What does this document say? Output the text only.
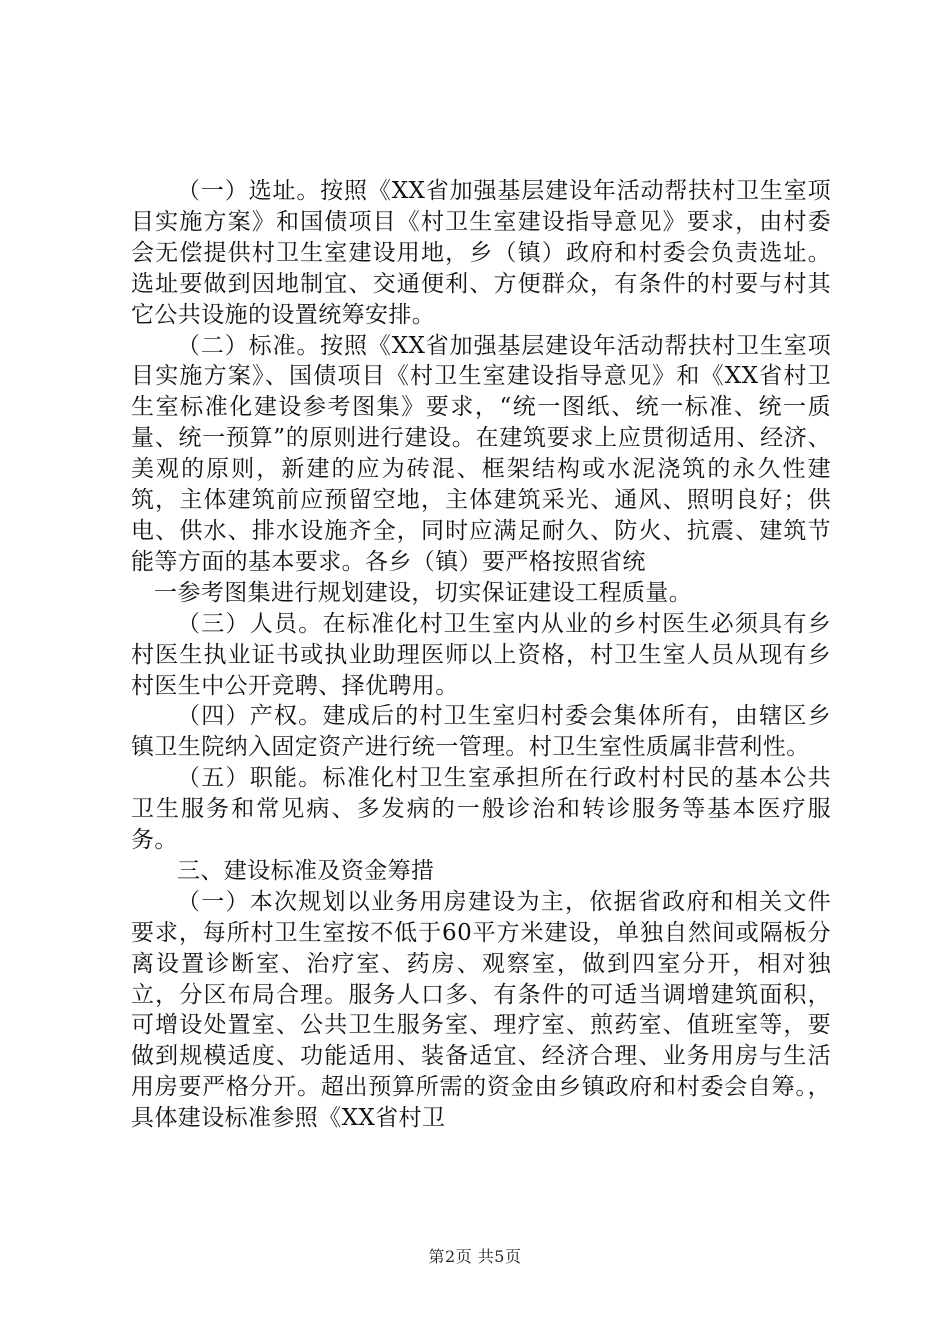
（一）选址。按照《XX省加强基层建设年活动帮扶村卫生室项目实施方案》和国债项目《村卫生室建设指导意见》要求，由村委会无偿提供村卫生室建设用地，乡（镇）政府和村委会负责选址。选址要做到因地制宜、交通便利、方便群众，有条件的村要与村其它公共设施的设置统筹安排。

（二）标准。按照《XX省加强基层建设年活动帮扶村卫生室项目实施方案》、国债项目《村卫生室建设指导意见》和《XX省村卫生室标准化建设参考图集》要求，“统一图纸、统一标准、统一质量、统一预算”的原则进行建设。在建筑要求上应贯彻适用、经济、美观的原则，新建的应为砖混、框架结构或水泥浇筑的永久性建筑，主体建筑前应预留空地，主体建筑采光、通风、照明良好；供电、供水、排水设施齐全，同时应满足耐久、防火、抗震、建筑节能等方面的基本要求。各乡（镇）要严格按照省统

一参考图集进行规划建设，切实保证建设工程质量。

（三）人员。在标准化村卫生室内从业的乡村医生必须具有乡村医生执业证书或执业助理医师以上资格，村卫生室人员从现有乡村医生中公开竞聘、择优聘用。

（四）产权。建成后的村卫生室归村委会集体所有，由辖区乡镇卫生院纳入固定资产进行统一管理。村卫生室性质属非营利性。

（五）职能。标准化村卫生室承担所在行政村村民的基本公共卫生服务和常见病、多发病的一般诊治和转诊服务等基本医疗服务。

三、建设标准及资金筹措

（一）本次规划以业务用房建设为主，依据省政府和相关文件要求，每所村卫生室按不低于60平方米建设，单独自然间或隔板分离设置诊断室、治疗室、药房、观察室，做到四室分开，相对独立，分区布局合理。服务人口多、有条件的可适当调增建筑面积，可增设处置室、公共卫生服务室、理疗室、煎药室、值班室等，要做到规模适度、功能适用、装备适宜、经济合理、业务用房与生活用房要严格分开。超出预算所需的资金由乡镇政府和村委会自筹。，具体建设标准参照《XX省村卫

第2页 共5页
